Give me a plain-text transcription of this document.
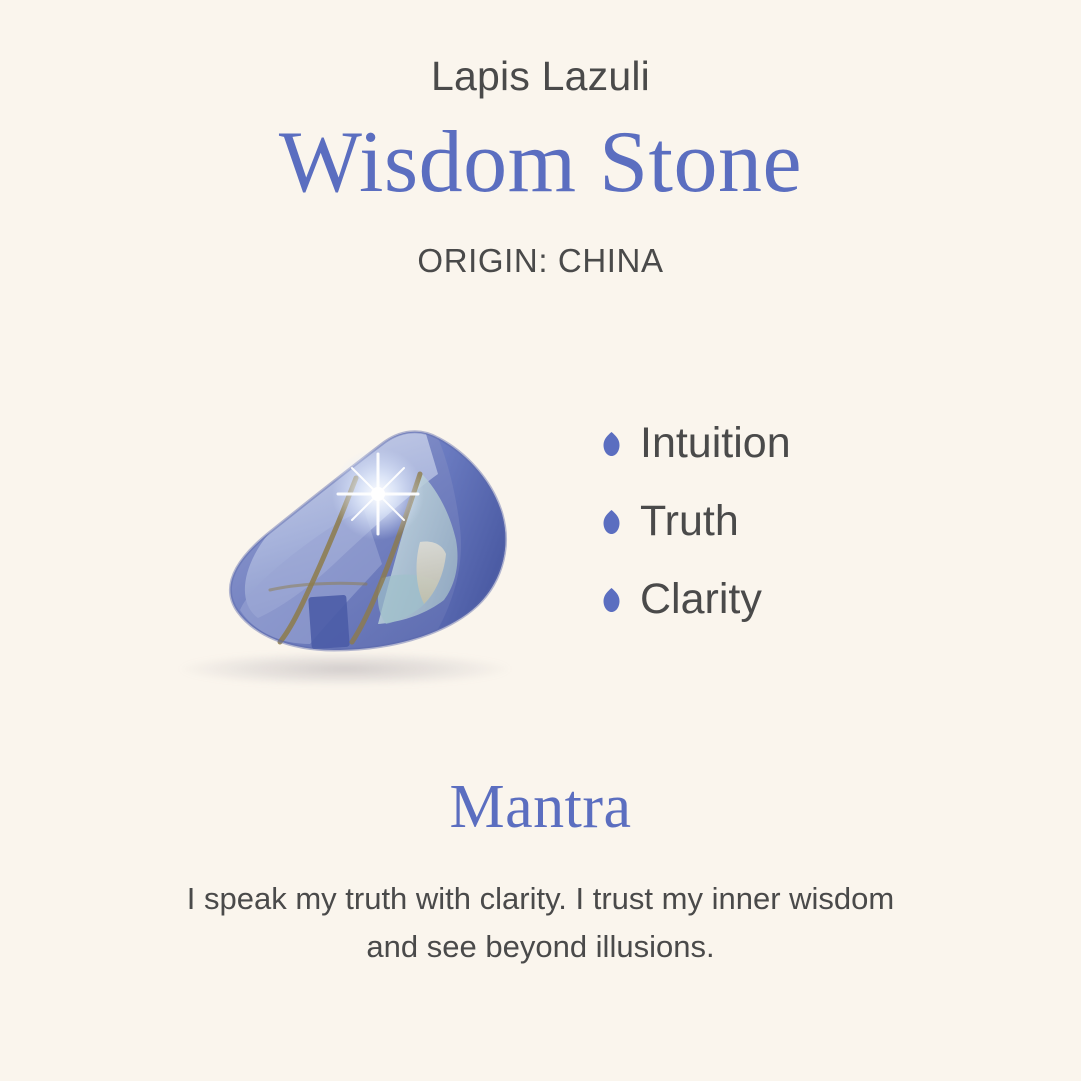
Lapis Lazuli
Wisdom Stone
ORIGIN: CHINA
Intuition
Truth
Clarity
Mantra
I speak my truth with clarity. I trust my inner wisdom and see beyond illusions.
